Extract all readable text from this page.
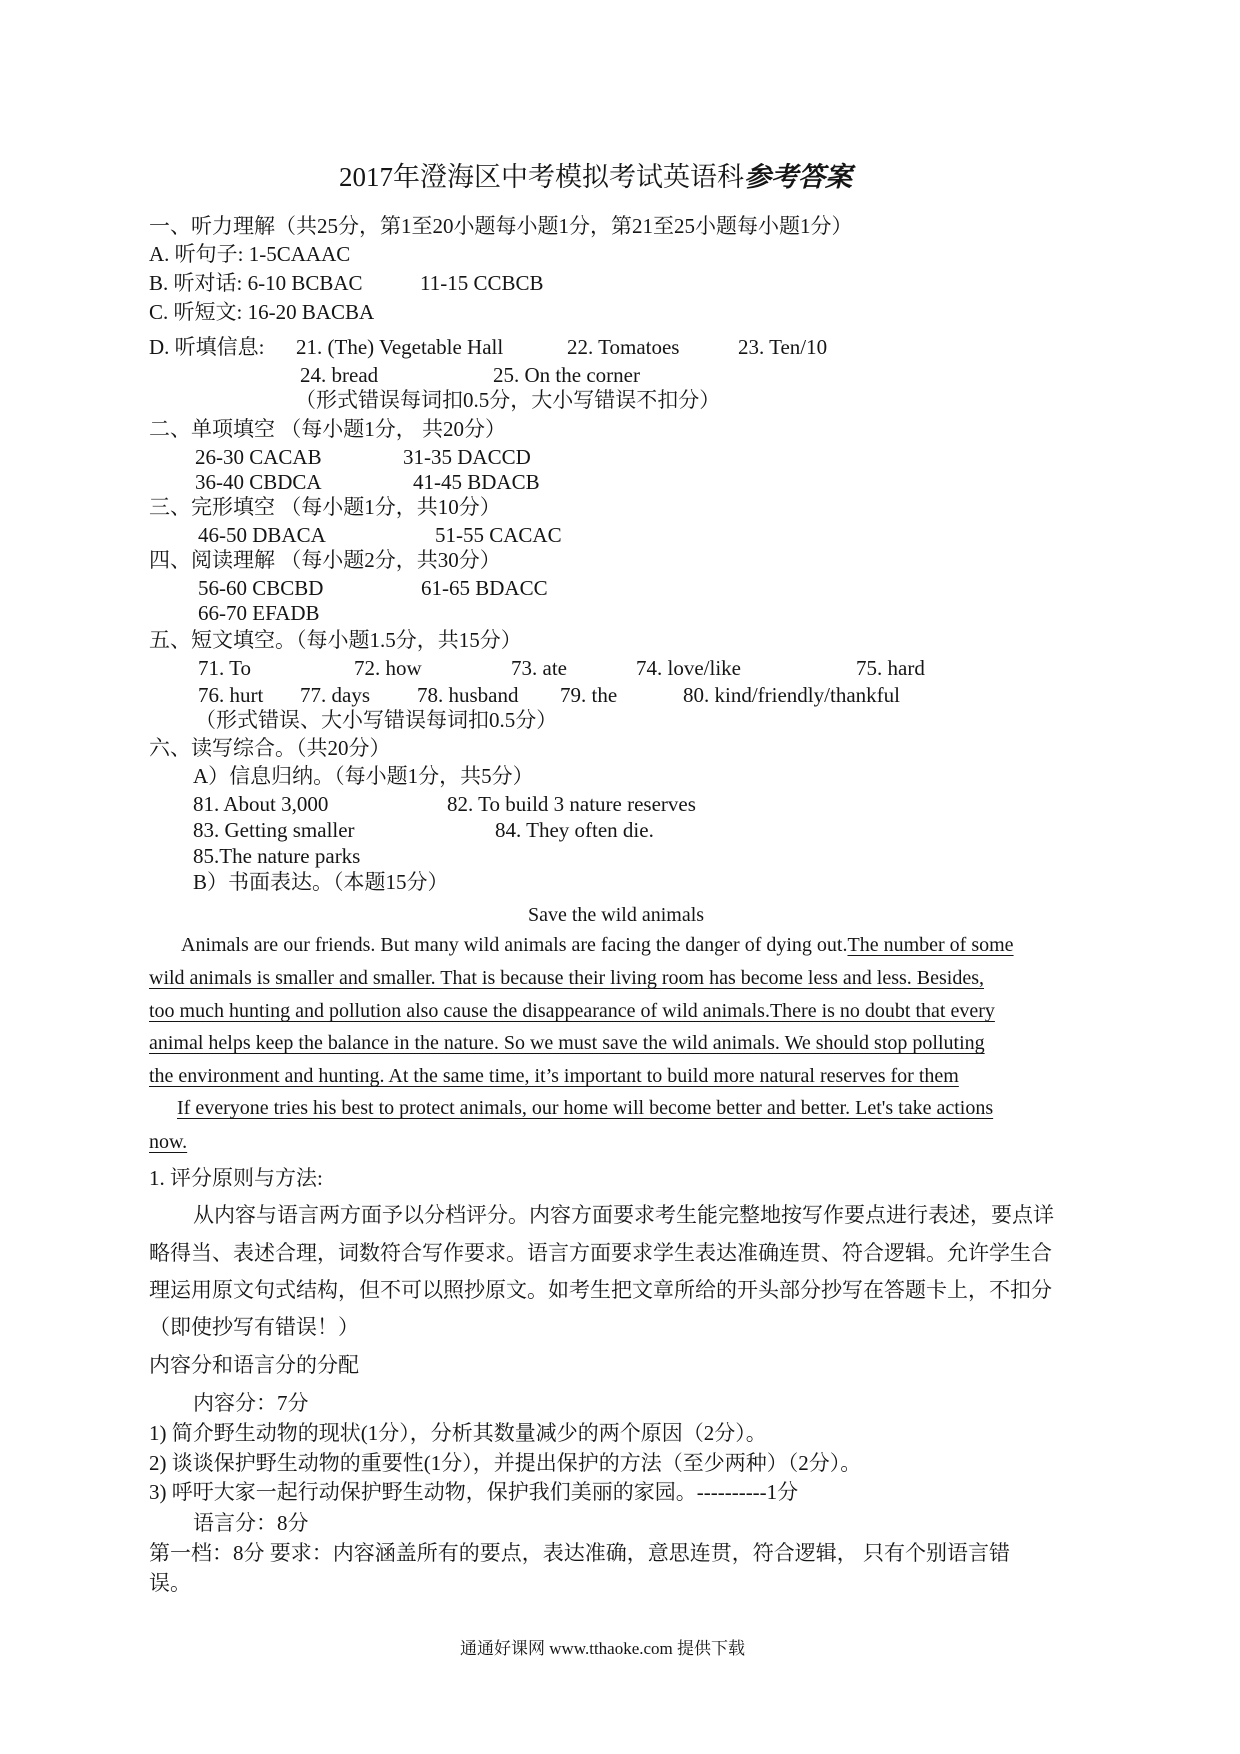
2017年澄海区中考模拟考试英语科参考答案
一、听力理解（共25分，第1至20小题每小题1分，第21至25小题每小题1分）
A. 听句子: 1-5CAAAC
B. 听对话: 6-10 BCBAC	11-15 CCBCB
C. 听短文: 16-20 BACBA
D. 听填信息: 21. (The) Vegetable Hall	22. Tomatoes	23. Ten/10
24. bread	25. On the corner
（形式错误每词扣0.5分，大小写错误不扣分）
二、单项填空 （每小题1分， 共20分）
26-30 CACAB	31-35 DACCD
36-40 CBDCA	41-45 BDACB
三、完形填空 （每小题1分，共10分）
46-50 DBACA	51-55 CACAC
四、阅读理解 （每小题2分，共30分）
56-60 CBCBD	61-65 BDACC
66-70 EFADB
五、短文填空。（每小题1.5分，共15分）
71. To	72. how	73. ate	74. love/like	75. hard
76. hurt 77. days 78. husband 79. the	80. kind/friendly/thankful
（形式错误、大小写错误每词扣0.5分）
六、读写综合。（共20分）
A）信息归纳。（每小题1分，共5分）
81. About 3,000	82. To build 3 nature reserves
83. Getting smaller	84. They often die.
85.The nature parks
B）书面表达。（本题15分）
Save the wild animals
Animals are our friends. But many wild animals are facing the danger of dying out.The number of some
wild animals is smaller and smaller. That is because their living room has become less and less. Besides,
too much hunting and pollution also cause the disappearance of wild animals.There is no doubt that every
animal helps keep the balance in the nature. So we must save the wild animals. We should stop polluting
the environment and hunting. At the same time, it’s important to build more natural reserves for them
If everyone tries his best to protect animals, our home will become better and better. Let's take actions
now.
1. 评分原则与方法:
从内容与语言两方面予以分档评分。内容方面要求考生能完整地按写作要点进行表述，要点详
略得当、表述合理，词数符合写作要求。语言方面要求学生表达准确连贯、符合逻辑。允许学生合
理运用原文句式结构，但不可以照抄原文。如考生把文章所给的开头部分抄写在答题卡上，不扣分
（即使抄写有错误！）
内容分和语言分的分配
内容分：7分
1) 简介野生动物的现状(1分），分析其数量减少的两个原因（2分）。
2) 谈谈保护野生动物的重要性(1分），并提出保护的方法（至少两种）（2分）。
3) 呼吁大家一起行动保护野生动物，保护我们美丽的家园。----------1分
语言分：8分
第一档：8分 要求：内容涵盖所有的要点，表达准确，意思连贯，符合逻辑， 只有个别语言错
误。
通通好课网 www.tthaoke.com 提供下载
